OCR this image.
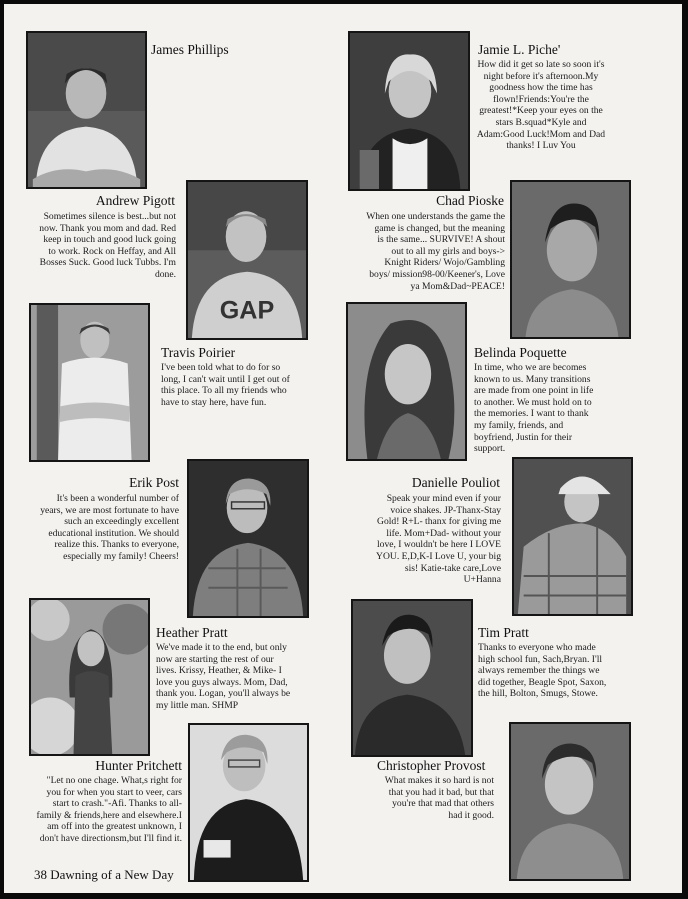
James Phillips	Jamie L. Piche'
How did it get so late so soon it's night before it's afternoon.My goodness how the time has flown!Friends:You're the greatest!*Keep your eyes on the stars B.squad*Kyle and Adam:Good Luck!Mom and Dad thanks! I Luv You
Andrew Pigott
Sometimes silence is best...but not now. Thank you mom and dad. Red keep in touch and good luck going to work. Rock on Heffay, and All Bosses Suck. Good luck Tubbs. I'm done.
GAP
Chad Pioske
When one understands the game the game is changed, but the meaning is the same... SURVIVE! A shout out to all my girls and boys-> Knight Riders/ Wojo/Gambling boys/ mission98-00/Keener's, Love ya Mom&Dad~PEACE!
Travis Poirier
I've been told what to do for so long, I can't wait until I get out of this place. To all my friends who have to stay here, have fun.
Belinda Poquette
In time, who we are becomes known to us. Many transitions are made from one point in life to another. We must hold on to the memories. I want to thank my family, friends, and boyfriend, Justin for their support.
Erik Post
It's been a wonderful number of years, we are most fortunate to have such an exceedingly excellent educational institution. We should realize this. Thanks to everyone, especially my family! Cheers!
Danielle Pouliot
Speak your mind even if your voice shakes. JP-Thanx-Stay Gold! R+L- thanx for giving me life. Mom+Dad- without your love, I wouldn't be here I LOVE YOU. E,D,K-I Love U, your big sis! Katie-take care,Love U+Hanna
Heather Pratt
We've made it to the end, but only now are starting the rest of our lives. Krissy, Heather, & Mike- I love you guys always. Mom, Dad, thank you. Logan, you'll always be my little man. SHMP
Tim Pratt
Thanks to everyone who made high school fun, Sach,Bryan. I'll always remember the things we did together, Beagle Spot, Saxon, the hill, Bolton, Smugs, Stowe.
Hunter Pritchett
"Let no one chage. What,s right for you for when you start to veer, cars start to crash."-Afi. Thanks to all-family & friends,here and elsewhere.I am off into the greatest unknown, I don't have directionsm,but I'll find it.
Christopher Provost
What makes it so hard is not that you had it bad, but that you're that mad that others had it good.
38 Dawning of a New Day
